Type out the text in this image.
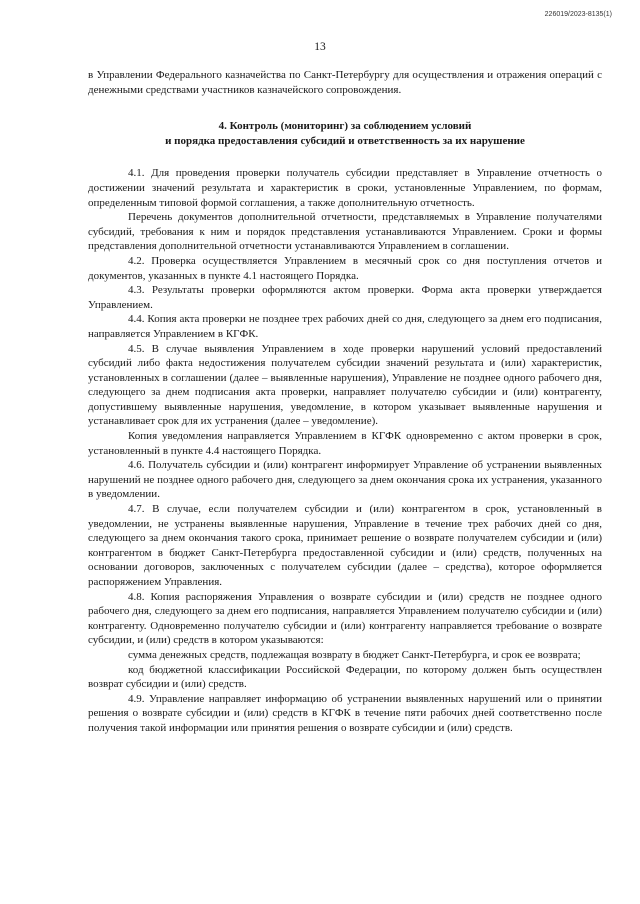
226019/2023-8135(1)
13

в Управлении Федерального казначейства по Санкт-Петербургу для осуществления и отражения операций с денежными средствами участников казначейского сопровождения.

4. Контроль (мониторинг) за соблюдением условий
и порядка предоставления субсидий и ответственность за их нарушение

4.1. Для проведения проверки получатель субсидии представляет в Управление отчетность о достижении значений результата и характеристик в сроки, установленные Управлением, по формам, определенным типовой формой соглашения, а также дополнительную отчетность.

Перечень документов дополнительной отчетности, представляемых в Управление получателями субсидий, требования к ним и порядок представления устанавливаются Управлением. Сроки и формы представления дополнительной отчетности устанавливаются Управлением в соглашении.

4.2. Проверка осуществляется Управлением в месячный срок со дня поступления отчетов и документов, указанных в пункте 4.1 настоящего Порядка.

4.3. Результаты проверки оформляются актом проверки. Форма акта проверки утверждается Управлением.

4.4. Копия акта проверки не позднее трех рабочих дней со дня, следующего за днем его подписания, направляется Управлением в КГФК.

4.5. В случае выявления Управлением в ходе проверки нарушений условий предоставлений субсидий либо факта недостижения получателем субсидии значений результата и (или) характеристик, установленных в соглашении (далее – выявленные нарушения), Управление не позднее одного рабочего дня, следующего за днем подписания акта проверки, направляет получателю субсидии и (или) контрагенту, допустившему выявленные нарушения, уведомление, в котором указывает выявленные нарушения и устанавливает срок для их устранения (далее – уведомление).

Копия уведомления направляется Управлением в КГФК одновременно с актом проверки в срок, установленный в пункте 4.4 настоящего Порядка.

4.6. Получатель субсидии и (или) контрагент информирует Управление об устранении выявленных нарушений не позднее одного рабочего дня, следующего за днем окончания срока их устранения, указанного в уведомлении.

4.7. В случае, если получателем субсидии и (или) контрагентом в срок, установленный в уведомлении, не устранены выявленные нарушения, Управление в течение трех рабочих дней со дня, следующего за днем окончания такого срока, принимает решение о возврате получателем субсидии и (или) контрагентом в бюджет Санкт-Петербурга предоставленной субсидии и (или) средств, полученных на основании договоров, заключенных с получателем субсидии (далее – средства), которое оформляется распоряжением Управления.

4.8. Копия распоряжения Управления о возврате субсидии и (или) средств не позднее одного рабочего дня, следующего за днем его подписания, направляется Управлением получателю субсидии и (или) контрагенту. Одновременно получателю субсидии и (или) контрагенту направляется требование о возврате субсидии, и (или) средств в котором указываются:

сумма денежных средств, подлежащая возврату в бюджет Санкт-Петербурга, и срок ее возврата;

код бюджетной классификации Российской Федерации, по которому должен быть осуществлен возврат субсидии и (или) средств.

4.9. Управление направляет информацию об устранении выявленных нарушений или о принятии решения о возврате субсидии и (или) средств в КГФК в течение пяти рабочих дней соответственно после получения такой информации или принятия решения о возврате субсидии и (или) средств.
